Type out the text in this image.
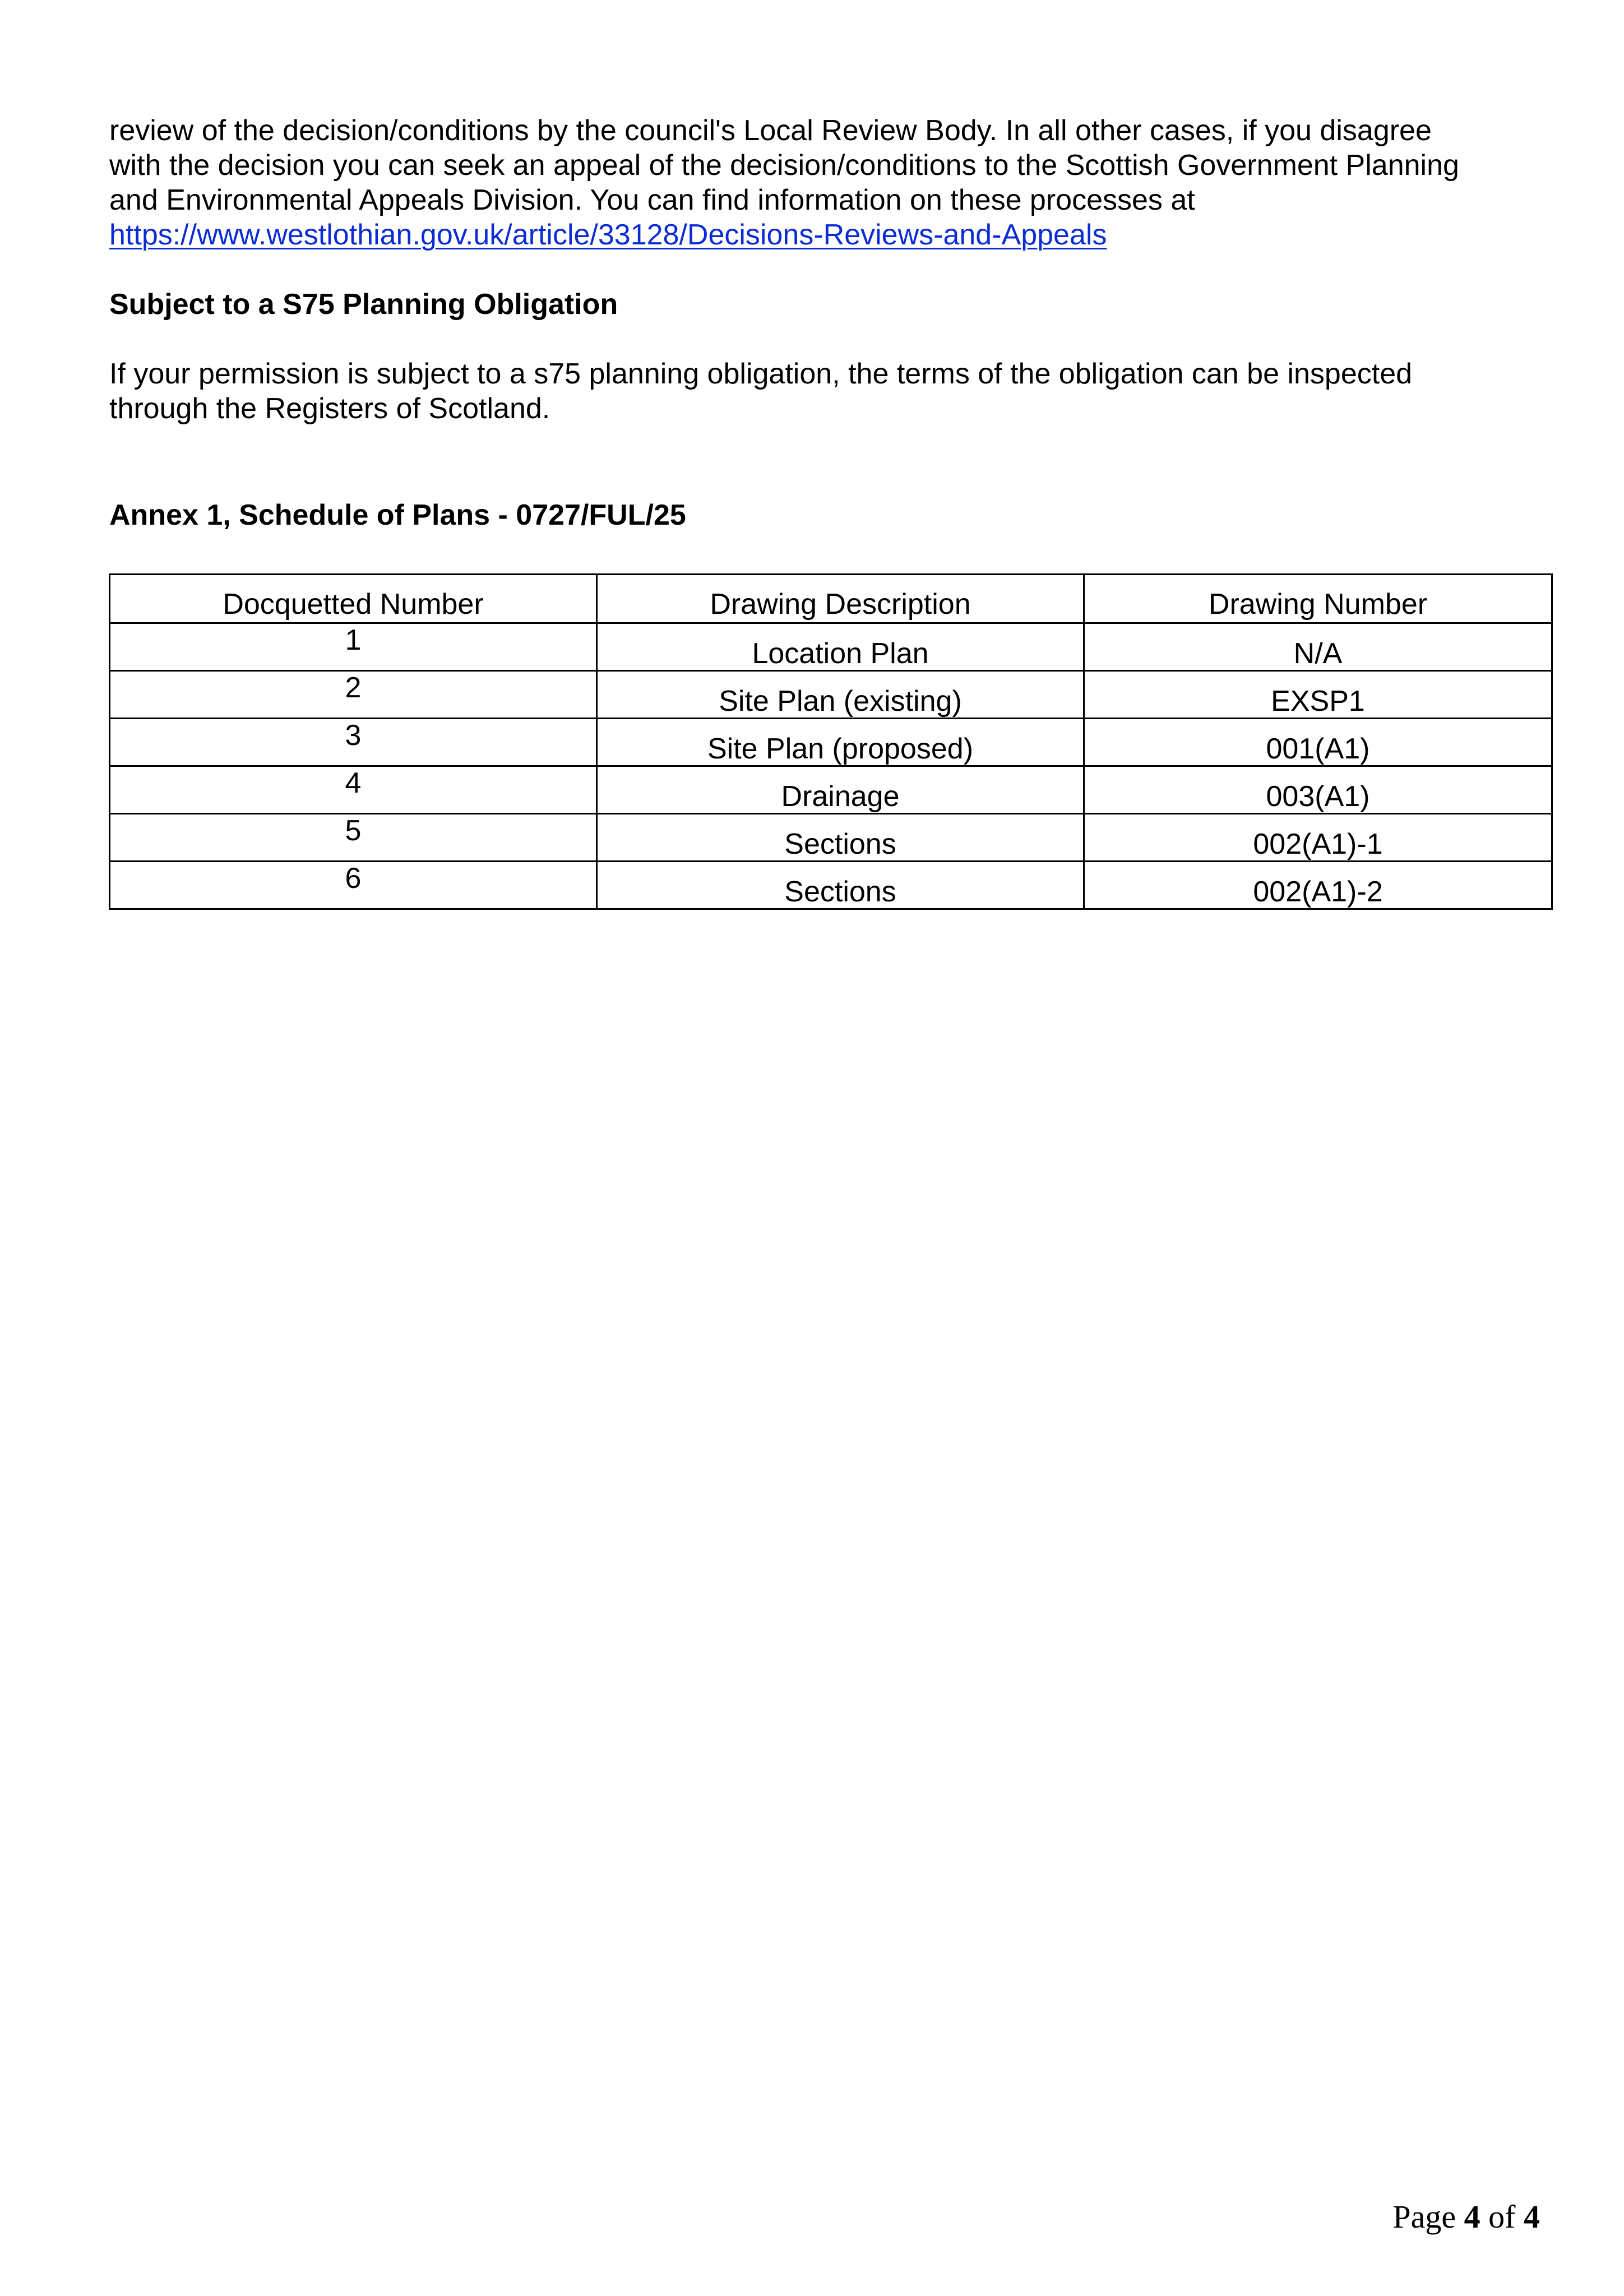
review of the decision/conditions by the council's Local Review Body. In all other cases, if you disagree
with the decision you can seek an appeal of the decision/conditions to the Scottish Government Planning
and Environmental Appeals Division. You can find information on these processes at
https://www.westlothian.gov.uk/article/33128/Decisions-Reviews-and-Appeals

Subject to a S75 Planning Obligation

If your permission is subject to a s75 planning obligation, the terms of the obligation can be inspected
through the Registers of Scotland.

Annex 1, Schedule of Plans - 0727/FUL/25
Docquetted Number	Drawing Description	Drawing Number

1	Location Plan	N/A

2	Site Plan (existing)	EXSP1

3	Site Plan (proposed)	001(A1)

4	Drainage	003(A1)

5	Sections	002(A1)-1

6	Sections	002(A1)-2
Page 4 of 4
